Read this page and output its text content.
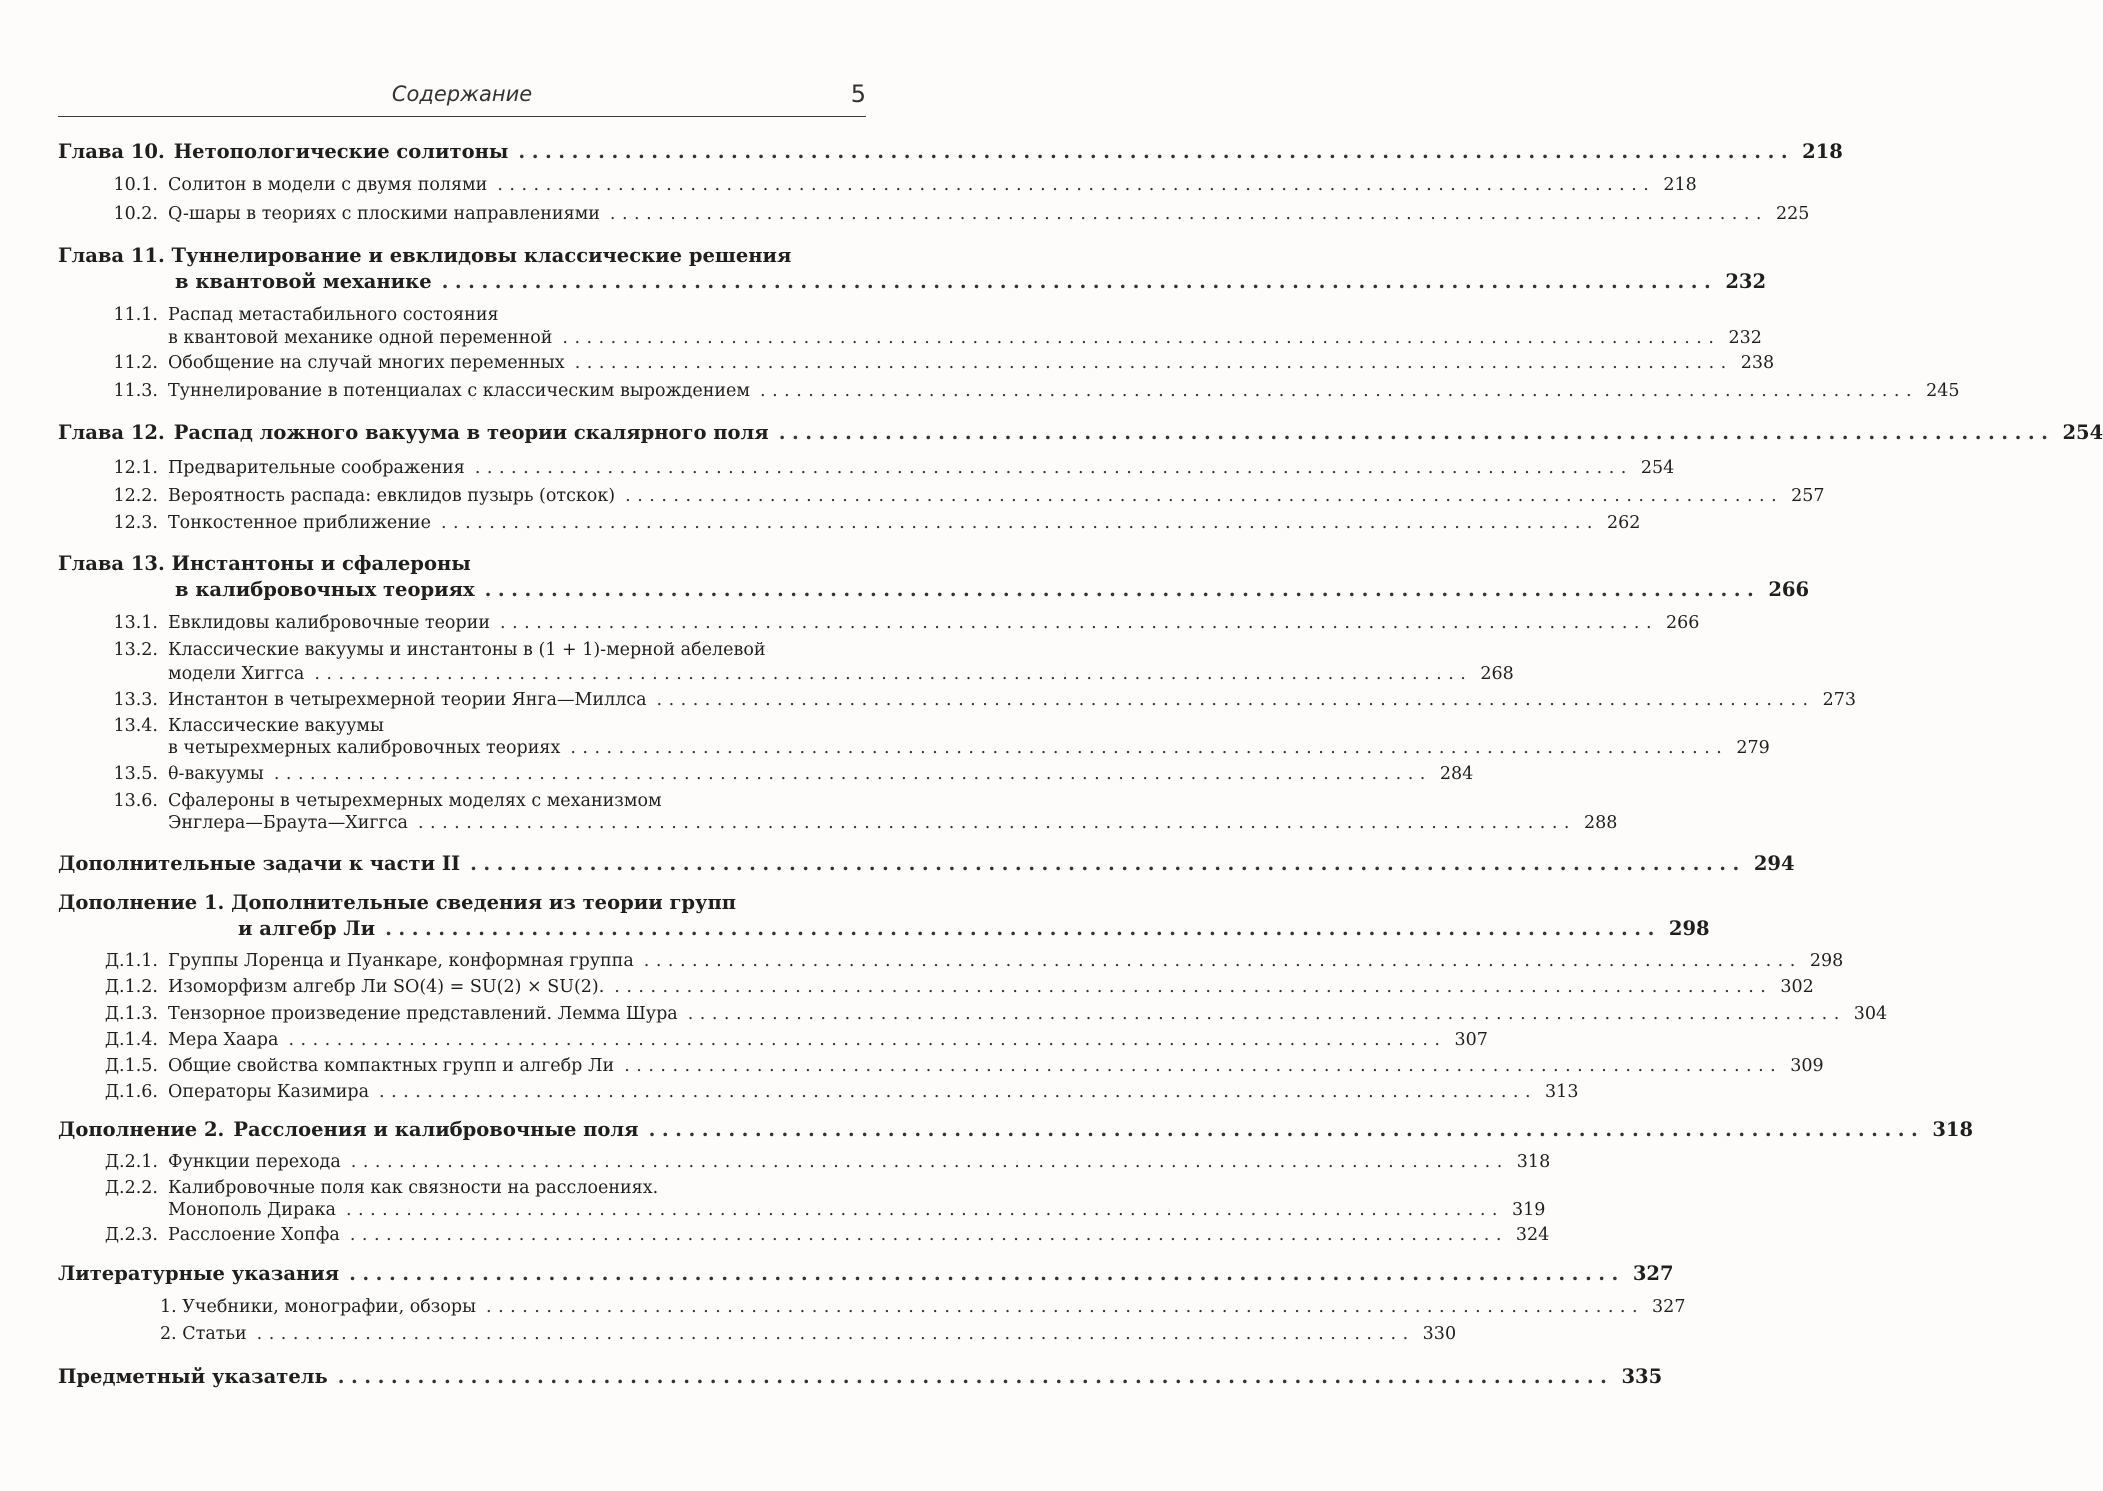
Содержание	5
Глава 10. Нетопологические солитоны ................................................................................................ 218
10.1. Солитон в модели с двумя полями ................................................................................................ 218
10.2. Q-шары в теориях с плоскими направлениями ................................................................................................ 225
Глава 11. Туннелирование и евклидовы классические решения
в квантовой механике ................................................................................................ 232
11.1. Распад метастабильного состояния
в квантовой механике одной переменной ................................................................................................ 232
11.2. Обобщение на случай многих переменных ................................................................................................ 238
11.3. Туннелирование в потенциалах с классическим вырождением ................................................................................................ 245
Глава 12. Распад ложного вакуума в теории скалярного поля ................................................................................................ 254
12.1. Предварительные соображения ................................................................................................ 254
12.2. Вероятность распада: евклидов пузырь (отскок) ................................................................................................ 257
12.3. Тонкостенное приближение ................................................................................................ 262
Глава 13. Инстантоны и сфалероны
в калибровочных теориях ................................................................................................ 266
13.1. Евклидовы калибровочные теории ................................................................................................ 266
13.2. Классические вакуумы и инстантоны в (1 + 1)-мерной абелевой
модели Хиггса ................................................................................................ 268
13.3. Инстантон в четырехмерной теории Янга—Миллса ................................................................................................ 273
13.4. Классические вакуумы
в четырехмерных калибровочных теориях ................................................................................................ 279
13.5. θ-вакуумы ................................................................................................ 284
13.6. Сфалероны в четырехмерных моделях с механизмом
Энглера—Браута—Хиггса ................................................................................................ 288
Дополнительные задачи к части II ................................................................................................ 294
Дополнение 1. Дополнительные сведения из теории групп
и алгебр Ли ................................................................................................ 298
Д.1.1. Группы Лоренца и Пуанкаре, конформная группа ................................................................................................ 298
Д.1.2. Изоморфизм алгебр Ли SO(4) = SU(2) × SU(2). ................................................................................................ 302
Д.1.3. Тензорное произведение представлений. Лемма Шура ................................................................................................ 304
Д.1.4. Мера Хаара ................................................................................................ 307
Д.1.5. Общие свойства компактных групп и алгебр Ли ................................................................................................ 309
Д.1.6. Операторы Казимира ................................................................................................ 313
Дополнение 2. Расслоения и калибровочные поля ................................................................................................ 318
Д.2.1. Функции перехода ................................................................................................ 318
Д.2.2. Калибровочные поля как связности на расслоениях.
Монополь Дирака ................................................................................................ 319
Д.2.3. Расслоение Хопфа ................................................................................................ 324
Литературные указания ................................................................................................ 327
1. Учебники, монографии, обзоры ................................................................................................ 327
2. Статьи ................................................................................................ 330
Предметный указатель ................................................................................................ 335
